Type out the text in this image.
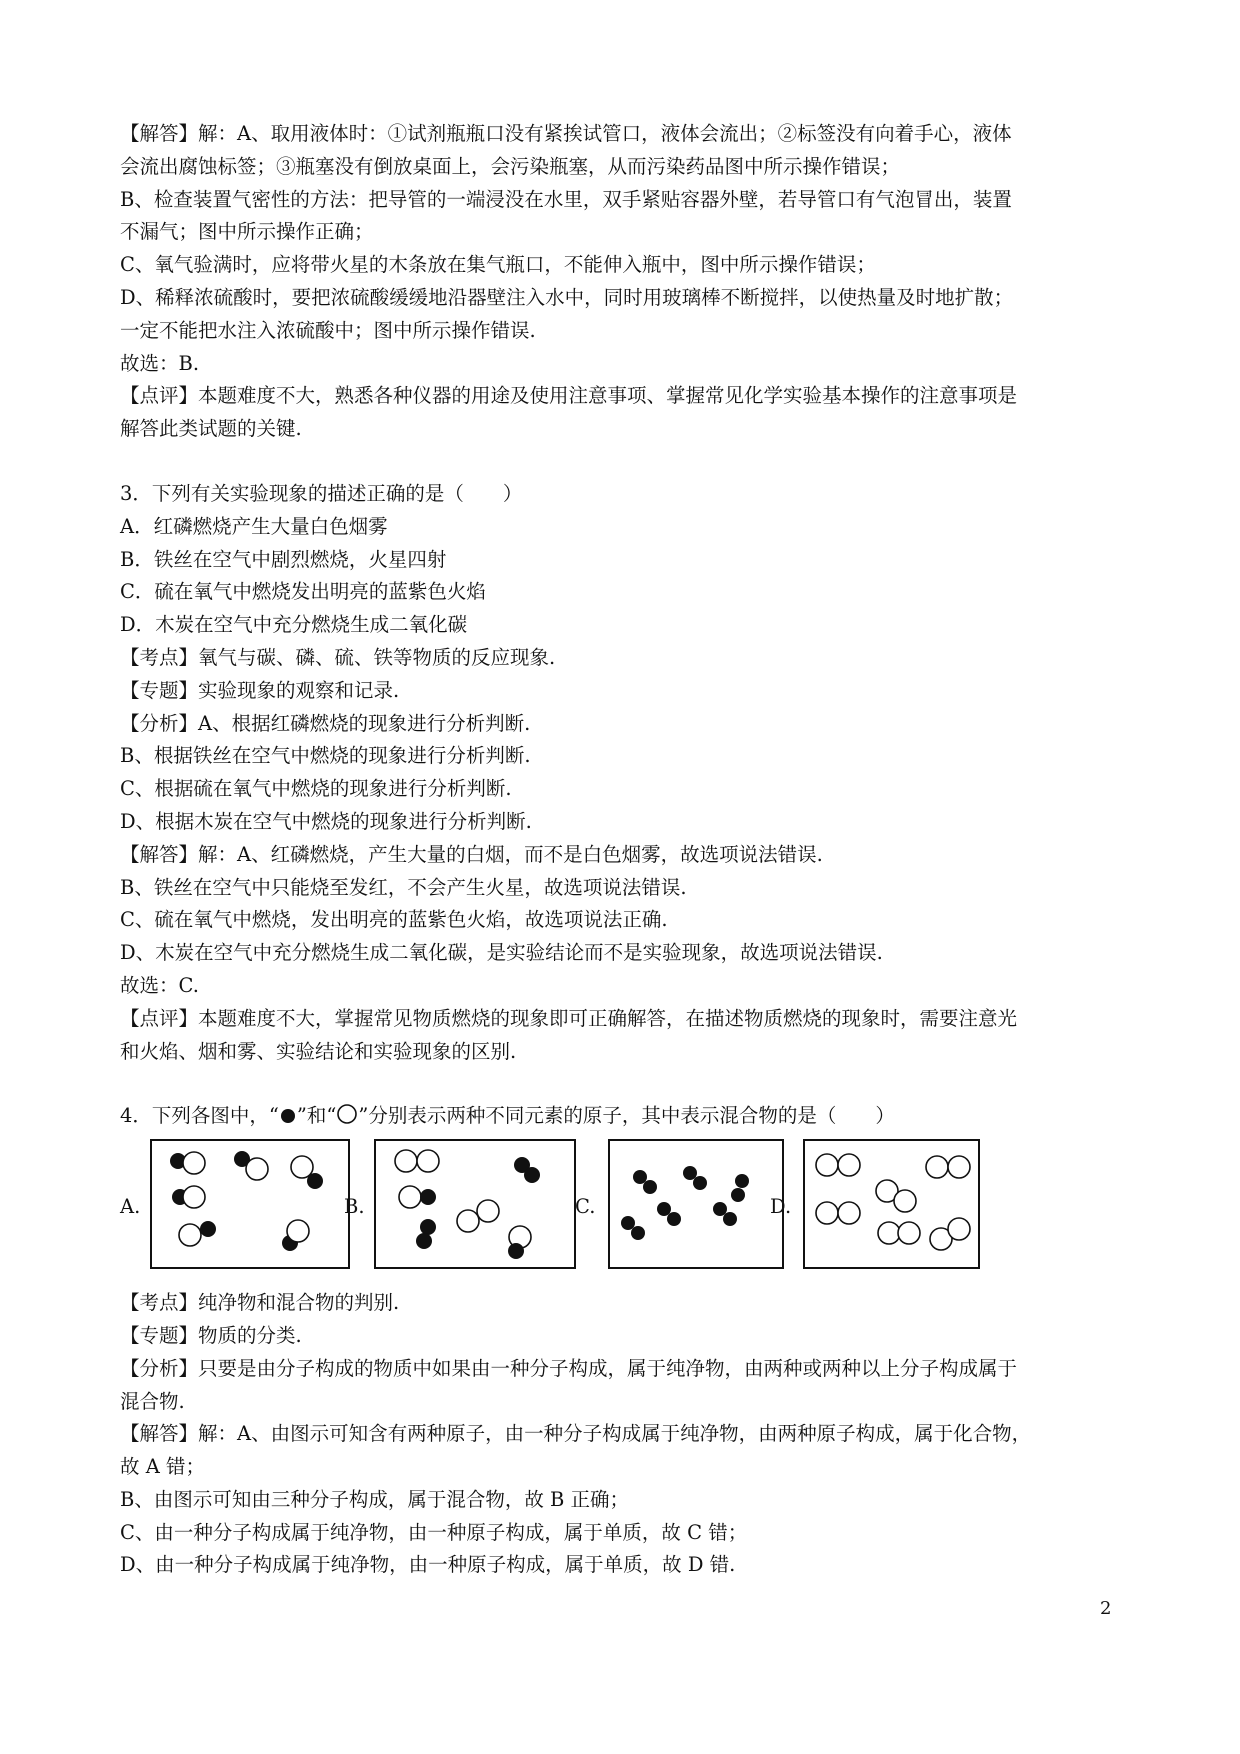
【解答】解：A、取用液体时：①试剂瓶瓶口没有紧挨试管口，液体会流出；②标签没有向着手心，液体
会流出腐蚀标签；③瓶塞没有倒放桌面上，会污染瓶塞，从而污染药品图中所示操作错误；
B、检查装置气密性的方法：把导管的一端浸没在水里，双手紧贴容器外壁，若导管口有气泡冒出，装置
不漏气；图中所示操作正确；
C、氧气验满时，应将带火星的木条放在集气瓶口，不能伸入瓶中，图中所示操作错误；
D、稀释浓硫酸时，要把浓硫酸缓缓地沿器壁注入水中，同时用玻璃棒不断搅拌，以使热量及时地扩散；
一定不能把水注入浓硫酸中；图中所示操作错误.
故选：B.
【点评】本题难度不大，熟悉各种仪器的用途及使用注意事项、掌握常见化学实验基本操作的注意事项是
解答此类试题的关键.
3．下列有关实验现象的描述正确的是（　　）
A．红磷燃烧产生大量白色烟雾
B．铁丝在空气中剧烈燃烧，火星四射
C．硫在氧气中燃烧发出明亮的蓝紫色火焰
D．木炭在空气中充分燃烧生成二氧化碳
【考点】氧气与碳、磷、硫、铁等物质的反应现象.
【专题】实验现象的观察和记录.
【分析】A、根据红磷燃烧的现象进行分析判断.
B、根据铁丝在空气中燃烧的现象进行分析判断.
C、根据硫在氧气中燃烧的现象进行分析判断.
D、根据木炭在空气中燃烧的现象进行分析判断.
【解答】解：A、红磷燃烧，产生大量的白烟，而不是白色烟雾，故选项说法错误.
B、铁丝在空气中只能烧至发红，不会产生火星，故选项说法错误.
C、硫在氧气中燃烧，发出明亮的蓝紫色火焰，故选项说法正确.
D、木炭在空气中充分燃烧生成二氧化碳，是实验结论而不是实验现象，故选项说法错误.
故选：C.
【点评】本题难度不大，掌握常见物质燃烧的现象即可正确解答，在描述物质燃烧的现象时，需要注意光
和火焰、烟和雾、实验结论和实验现象的区别.
4．下列各图中，“ ”和“ ”分别表示两种不同元素的原子，其中表示混合物的是（　　）
A.	B.	C.	D.
【考点】纯净物和混合物的判别.
【专题】物质的分类.
【分析】只要是由分子构成的物质中如果由一种分子构成，属于纯净物，由两种或两种以上分子构成属于
混合物.
【解答】解：A、由图示可知含有两种原子，由一种分子构成属于纯净物，由两种原子构成，属于化合物，
故 A 错；
B、由图示可知由三种分子构成，属于混合物，故 B 正确；
C、由一种分子构成属于纯净物，由一种原子构成，属于单质，故 C 错；
D、由一种分子构成属于纯净物，由一种原子构成，属于单质，故 D 错.
2
